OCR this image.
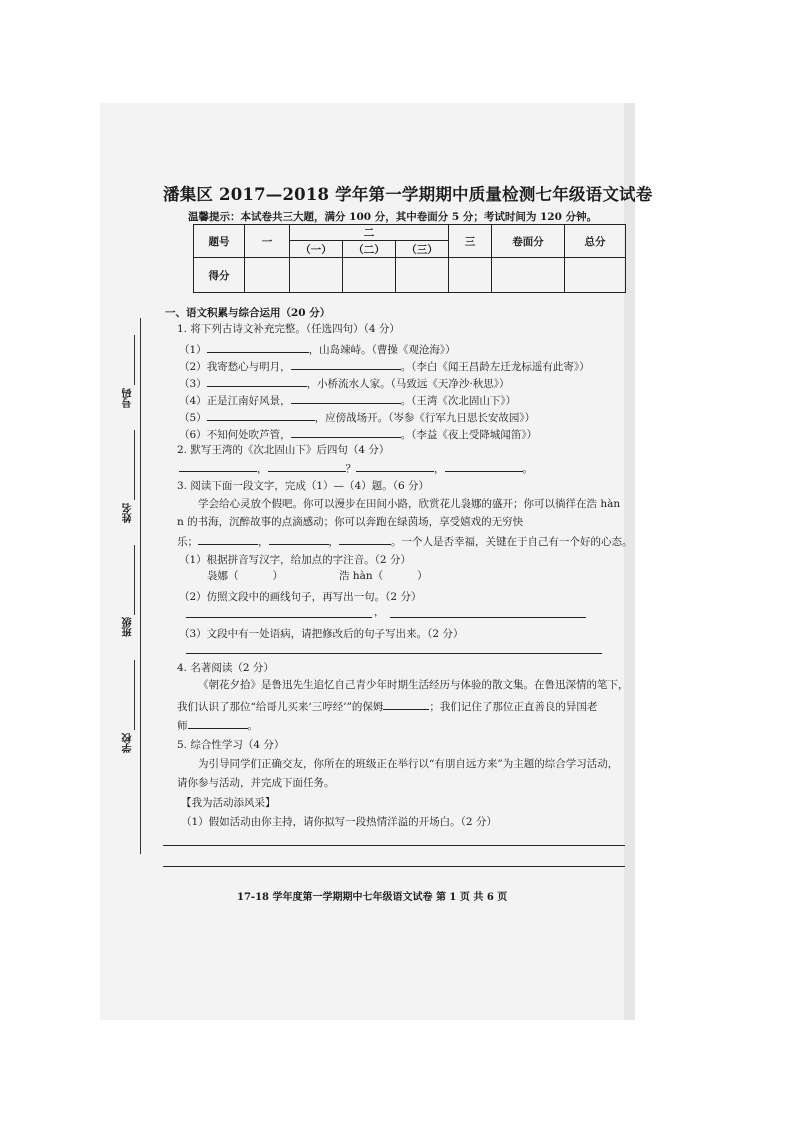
潘集区 2017—2018 学年第一学期期中质量检测七年级语文试卷
温馨提示：本试卷共三大题，满分 100 分，其中卷面分 5 分；考试时间为 120 分钟。
题号	一	二			三	卷面分	总分
		（一）	（二）	（三）			
得分							
号码
姓名
班级
学校
一、语文积累与综合运用（20 分）
1. 将下列古诗文补充完整。（任选四句）（4 分）
（1）	，山岛竦峙。（曹操《观沧海》）
（2）我寄愁心与明月，	。（李白《闻王昌龄左迁龙标遥有此寄》）
（3）	，小桥流水人家。（马致远《天净沙·秋思》）
（4）正是江南好风景，	。（王湾《次北固山下》）
（5）	，应傍战场开。（岑参《行军九日思长安故园》）
（6）不知何处吹芦管，	。（李益《夜上受降城闻笛》）
2. 默写王湾的《次北固山下》后四句（4 分）
，	？	，	。
3. 阅读下面一段文字，完成（1）—（4）题。（6 分）
学会给心灵放个假吧。你可以漫步在田间小路，欣赏花儿袅娜的盛开；你可以徜徉在浩 hàn
n 的书海，沉醉故事的点滴感动；你可以奔跑在绿茵场，享受嬉戏的无穷快
乐；	，	，	。一个人是否幸福，关键在于自己有一个好的心态。
（1）根据拼音写汉字，给加点的字注音。（2 分）
袅娜（	）	浩 hàn（	）
（2）仿照文段中的画线句子，再写出一句。（2 分）
，
（3）文段中有一处语病，请把修改后的句子写出来。（2 分）
4. 名著阅读（2 分）
《朝花夕拾》是鲁迅先生追忆自己青少年时期生活经历与体验的散文集。在鲁迅深情的笔下，
我们认识了那位“给哥儿买来‘三哼经’”的保姆	；我们记住了那位正直善良的异国老
师	。
5. 综合性学习（4 分）
为引导同学们正确交友，你所在的班级正在举行以“有朋自远方来”为主题的综合学习活动，
请你参与活动，并完成下面任务。
【我为活动添风采】
（1）假如活动由你主持，请你拟写一段热情洋溢的开场白。（2 分）
17-18 学年度第一学期期中七年级语文试卷 第 1 页 共 6 页
